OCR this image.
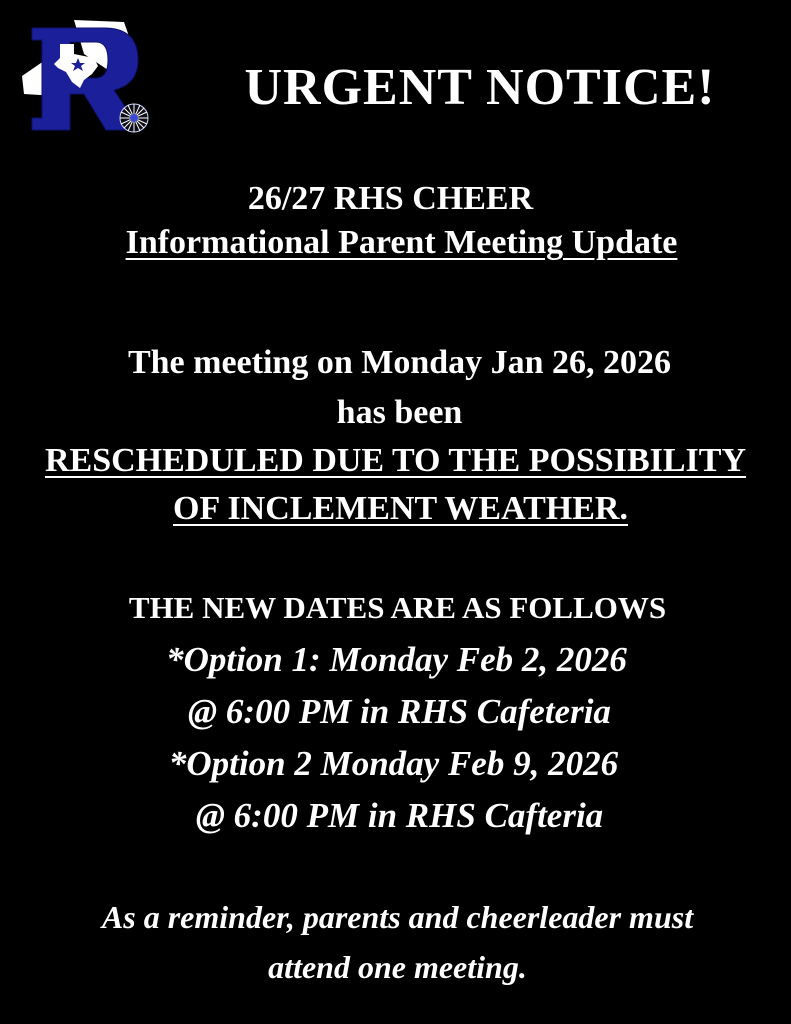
URGENT NOTICE!
26/27 RHS CHEER
Informational Parent Meeting Update
The meeting on Monday Jan 26, 2026
has been
RESCHEDULED DUE TO THE POSSIBILITY
OF INCLEMENT WEATHER.
THE NEW DATES ARE AS FOLLOWS
*Option 1: Monday Feb 2, 2026
@ 6:00 PM in RHS Cafeteria
*Option 2 Monday Feb 9, 2026
@ 6:00 PM in RHS Cafteria
As a reminder, parents and cheerleader must
attend one meeting.
